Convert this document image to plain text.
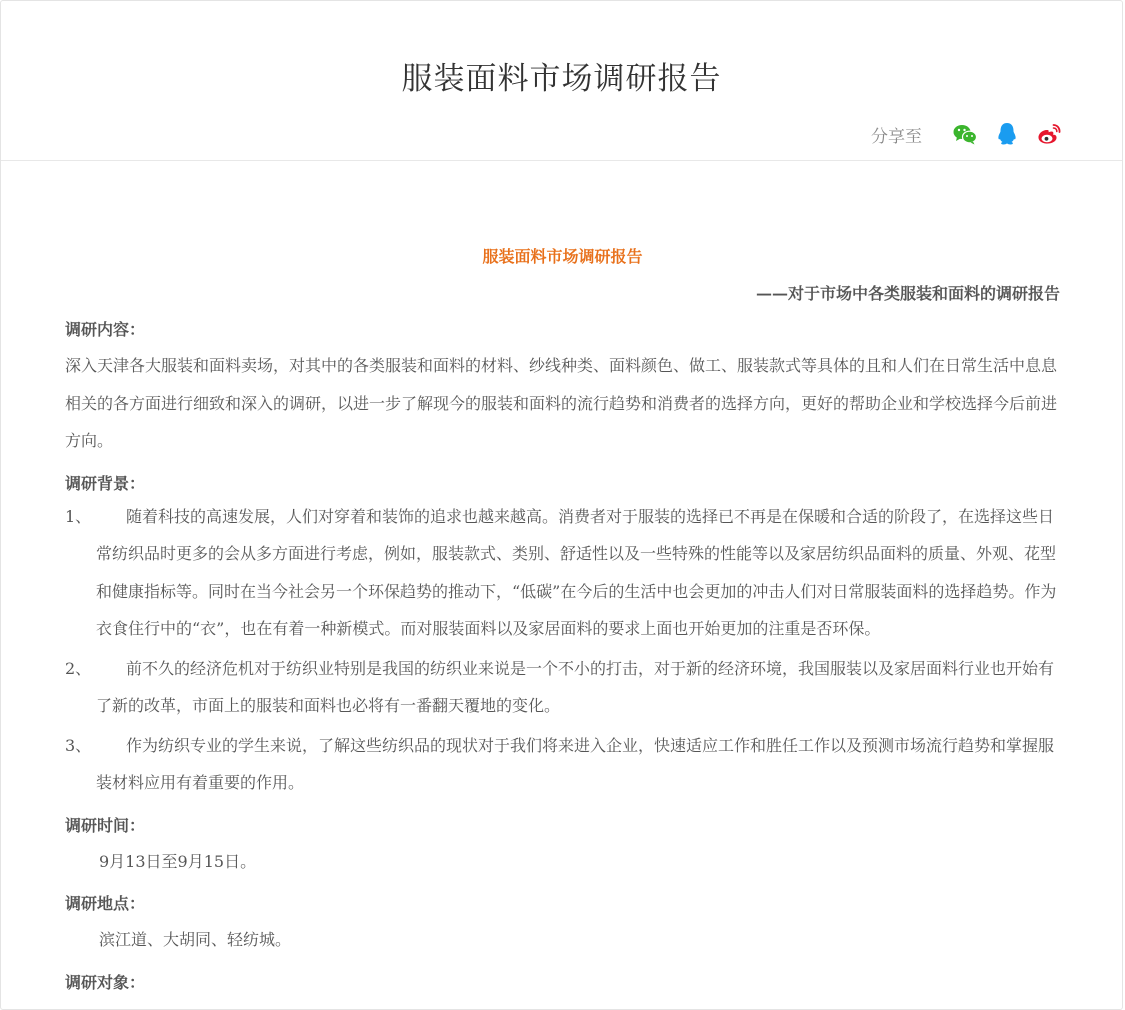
服装面料市场调研报告
分享至
服装面料市场调研报告
——对于市场中各类服装和面料的调研报告
调研内容：
深入天津各大服装和面料卖场，对其中的各类服装和面料的材料、纱线种类、面料颜色、做工、服装款式等具体的且和人们在日常生活中息息相关的各方面进行细致和深入的调研，以进一步了解现今的服装和面料的流行趋势和消费者的选择方向，更好的帮助企业和学校选择今后前进方向。
调研背景：
1、 随着科技的高速发展，人们对穿着和装饰的追求也越来越高。消费者对于服装的选择已不再是在保暖和合适的阶段了，在选择这些日常纺织品时更多的会从多方面进行考虑，例如，服装款式、类别、舒适性以及一些特殊的性能等以及家居纺织品面料的质量、外观、花型和健康指标等。同时在当今社会另一个环保趋势的推动下，“低碳”在今后的生活中也会更加的冲击人们对日常服装面料的选择趋势。作为衣食住行中的“衣”，也在有着一种新模式。而对服装面料以及家居面料的要求上面也开始更加的注重是否环保。
2、 前不久的经济危机对于纺织业特别是我国的纺织业来说是一个不小的打击，对于新的经济环境，我国服装以及家居面料行业也开始有了新的改革，市面上的服装和面料也必将有一番翻天覆地的变化。
3、 作为纺织专业的学生来说，了解这些纺织品的现状对于我们将来进入企业，快速适应工作和胜任工作以及预测市场流行趋势和掌握服装材料应用有着重要的作用。
调研时间：
9月13日至9月15日。
调研地点：
滨江道、大胡同、轻纺城。
调研对象：
